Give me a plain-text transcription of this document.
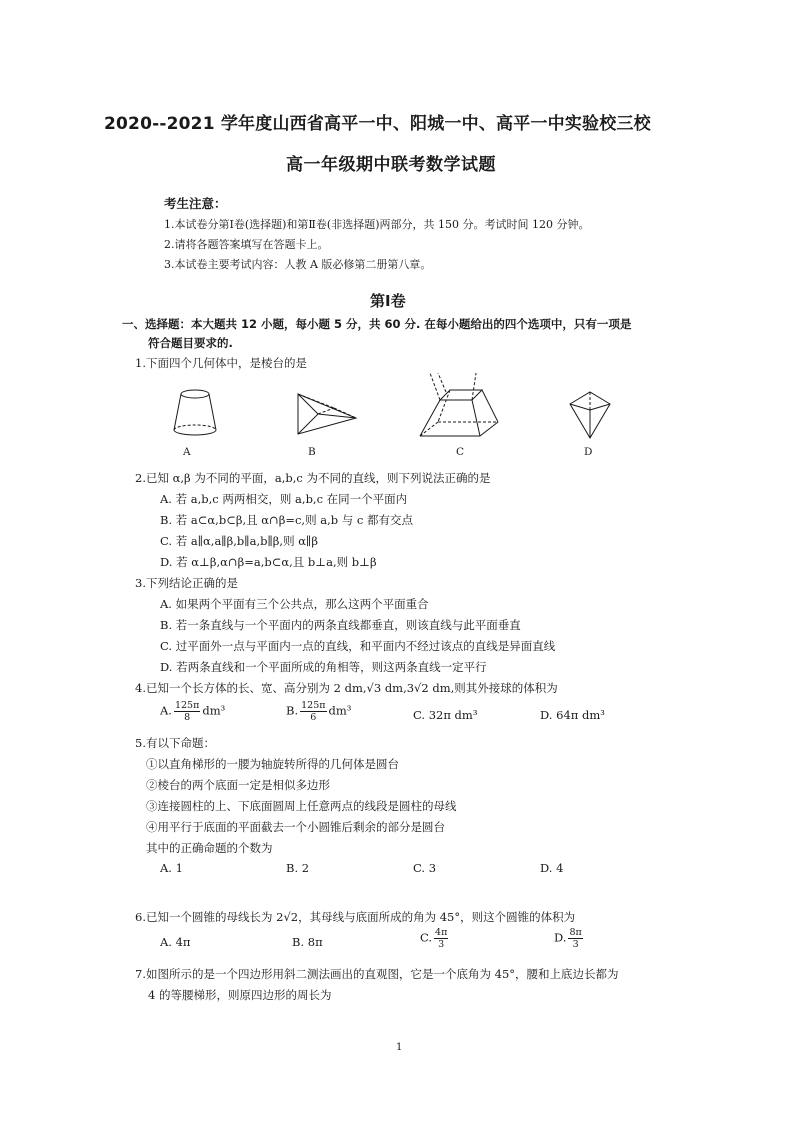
2020--2021 学年度山西省高平一中、阳城一中、高平一中实验校三校
高一年级期中联考数学试题
考生注意：
1.本试卷分第Ⅰ卷(选择题)和第Ⅱ卷(非选择题)两部分，共 150 分。考试时间 120 分钟。
2.请将各题答案填写在答题卡上。
3.本试卷主要考试内容：人教 A 版必修第二册第八章。
第Ⅰ卷
一、选择题：本大题共 12 小题，每小题 5 分，共 60 分. 在每小题给出的四个选项中，只有一项是
符合题目要求的.
1.下面四个几何体中，是棱台的是
A	B	C	D
2.已知 α,β 为不同的平面，a,b,c 为不同的直线，则下列说法正确的是
A. 若 a,b,c 两两相交，则 a,b,c 在同一个平面内
B. 若 a⊂α,b⊂β,且 α∩β=c,则 a,b 与 c 都有交点
C. 若 a∥α,a∥β,b∥a,b∥β,则 α∥β
D. 若 α⊥β,α∩β=a,b⊂α,且 b⊥a,则 b⊥β
3.下列结论正确的是
A. 如果两个平面有三个公共点，那么这两个平面重合
B. 若一条直线与一个平面内的两条直线都垂直，则该直线与此平面垂直
C. 过平面外一点与平面内一点的直线，和平面内不经过该点的直线是异面直线
D. 若两条直线和一个平面所成的角相等，则这两条直线一定平行
4.已知一个长方体的长、宽、高分别为 2 dm,√3 dm,3√2 dm,则其外接球的体积为
A. $\frac{125\pi}{8} dm^3$	B. $\frac{125\pi}{6} dm^3$	C. 32π dm³	D. 64π dm³
5.有以下命题：
①以直角梯形的一腰为轴旋转所得的几何体是圆台
②棱台的两个底面一定是相似多边形
③连接圆柱的上、下底面圆周上任意两点的线段是圆柱的母线
④用平行于底面的平面截去一个小圆锥后剩余的部分是圆台
其中的正确命题的个数为
A. 1	B. 2	C. 3	D. 4
6.已知一个圆锥的母线长为 2√2，其母线与底面所成的角为 45°，则这个圆锥的体积为
A. 4π	B. 8π	C. $\frac{4\pi}{3}$	D. $\frac{8\pi}{3}$
7.如图所示的是一个四边形用斜二测法画出的直观图，它是一个底角为 45°，腰和上底边长都为
4 的等腰梯形，则原四边形的周长为
1
